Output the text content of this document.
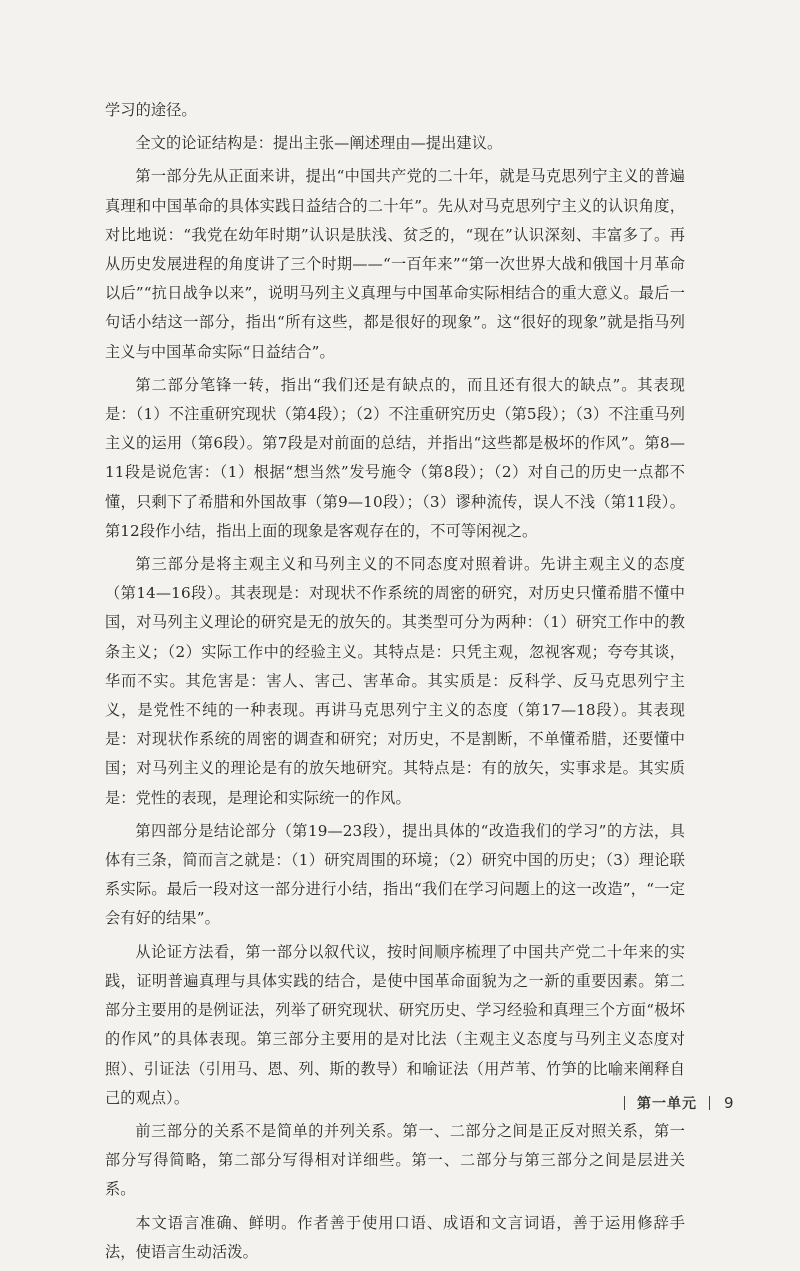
学习的途径。

全文的论证结构是：提出主张—阐述理由—提出建议。

第一部分先从正面来讲，提出“中国共产党的二十年，就是马克思列宁主义的普遍真理和中国革命的具体实践日益结合的二十年”。先从对马克思列宁主义的认识角度，对比地说：“我党在幼年时期”认识是肤浅、贫乏的，“现在”认识深刻、丰富多了。再从历史发展进程的角度讲了三个时期——“一百年来”“第一次世界大战和俄国十月革命以后”“抗日战争以来”，说明马列主义真理与中国革命实际相结合的重大意义。最后一句话小结这一部分，指出“所有这些，都是很好的现象”。这“很好的现象”就是指马列主义与中国革命实际“日益结合”。

第二部分笔锋一转，指出“我们还是有缺点的，而且还有很大的缺点”。其表现是：（1）不注重研究现状（第4段）；（2）不注重研究历史（第5段）；（3）不注重马列主义的运用（第6段）。第7段是对前面的总结，并指出“这些都是极坏的作风”。第8—11段是说危害：（1）根据“想当然”发号施令（第8段）；（2）对自己的历史一点都不懂，只剩下了希腊和外国故事（第9—10段）；（3）谬种流传，误人不浅（第11段）。第12段作小结，指出上面的现象是客观存在的，不可等闲视之。

第三部分是将主观主义和马列主义的不同态度对照着讲。先讲主观主义的态度（第14—16段）。其表现是：对现状不作系统的周密的研究，对历史只懂希腊不懂中国，对马列主义理论的研究是无的放矢的。其类型可分为两种：（1）研究工作中的教条主义；（2）实际工作中的经验主义。其特点是：只凭主观，忽视客观；夸夸其谈，华而不实。其危害是：害人、害己、害革命。其实质是：反科学、反马克思列宁主义，是党性不纯的一种表现。再讲马克思列宁主义的态度（第17—18段）。其表现是：对现状作系统的周密的调查和研究；对历史，不是割断，不单懂希腊，还要懂中国；对马列主义的理论是有的放矢地研究。其特点是：有的放矢，实事求是。其实质是：党性的表现，是理论和实际统一的作风。

第四部分是结论部分（第19—23段），提出具体的“改造我们的学习”的方法，具体有三条，简而言之就是：（1）研究周围的环境；（2）研究中国的历史；（3）理论联系实际。最后一段对这一部分进行小结，指出“我们在学习问题上的这一改造”，“一定会有好的结果”。

从论证方法看，第一部分以叙代议，按时间顺序梳理了中国共产党二十年来的实践，证明普遍真理与具体实践的结合，是使中国革命面貌为之一新的重要因素。第二部分主要用的是例证法，列举了研究现状、研究历史、学习经验和真理三个方面“极坏的作风”的具体表现。第三部分主要用的是对比法（主观主义态度与马列主义态度对照）、引证法（引用马、恩、列、斯的教导）和喻证法（用芦苇、竹笋的比喻来阐释自己的观点）。

前三部分的关系不是简单的并列关系。第一、二部分之间是正反对照关系，第一部分写得简略，第二部分写得相对详细些。第一、二部分与第三部分之间是层进关系。

本文语言准确、鲜明。作者善于使用口语、成语和文言词语，善于运用修辞手法，使语言生动活泼。

第一单元 9
